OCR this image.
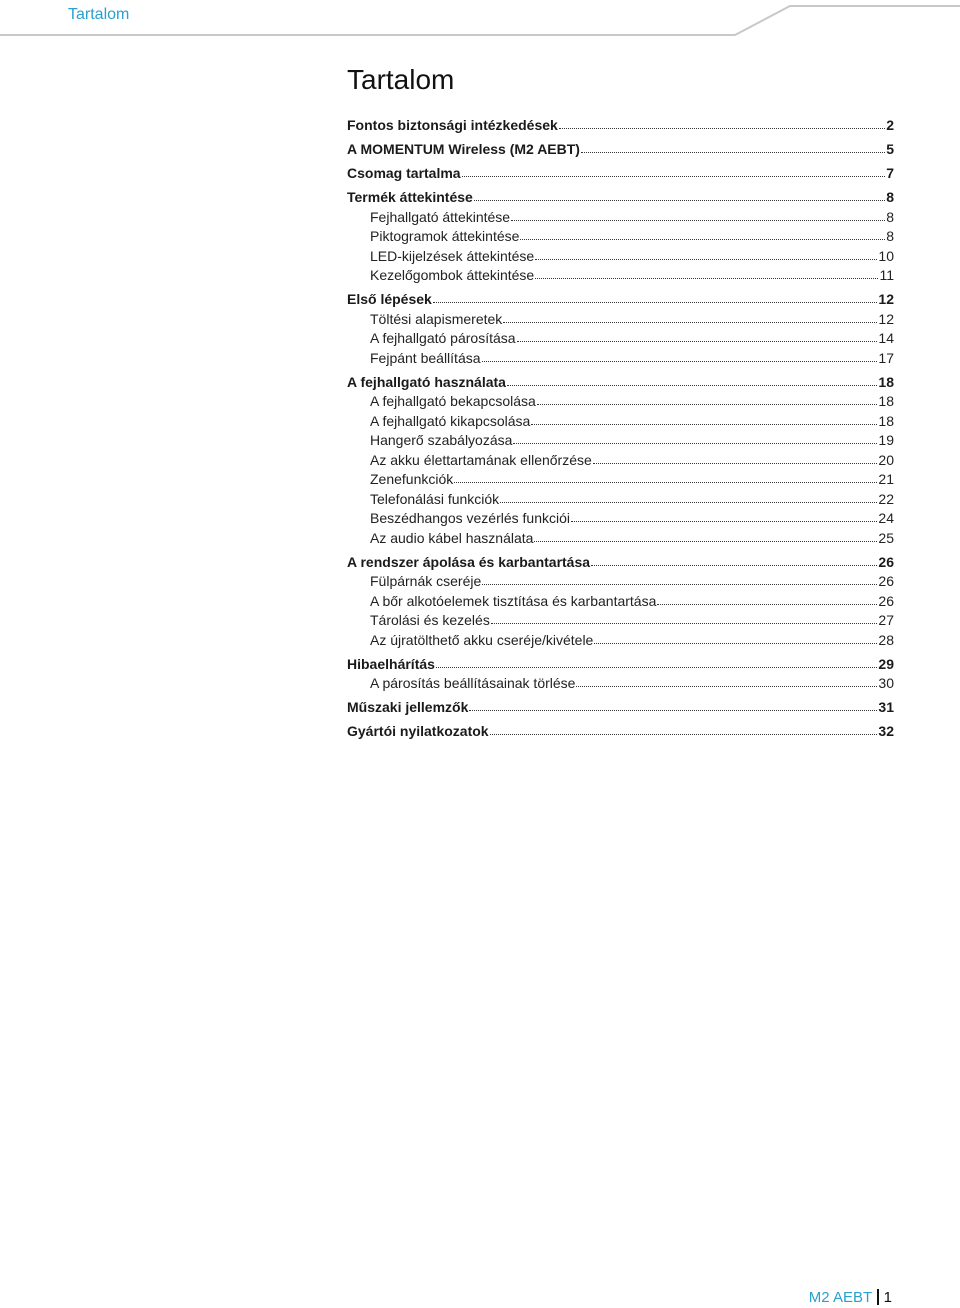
Tartalom
Tartalom
Fontos biztonsági intézkedések	2
A MOMENTUM Wireless (M2 AEBT)	5
Csomag tartalma	7
Termék áttekintése	8
Fejhallgató áttekintése	8
Piktogramok áttekintése	8
LED-kijelzések áttekintése	10
Kezelőgombok áttekintése	11
Első lépések	12
Töltési alapismeretek	12
A fejhallgató párosítása	14
Fejpánt beállítása	17
A fejhallgató használata	18
A fejhallgató bekapcsolása	18
A fejhallgató kikapcsolása	18
Hangerő szabályozása	19
Az akku élettartamának ellenőrzése	20
Zenefunkciók	21
Telefonálási funkciók	22
Beszédhangos vezérlés funkciói	24
Az audio kábel használata	25
A rendszer ápolása és karbantartása	26
Fülpárnák cseréje	26
A bőr alkotóelemek tisztítása és karbantartása	26
Tárolási és kezelés	27
Az újratölthető akku cseréje/kivétele	28
Hibaelhárítás	29
A párosítás beállításainak törlése	30
Műszaki jellemzők	31
Gyártói nyilatkozatok	32
M2 AEBT 1
